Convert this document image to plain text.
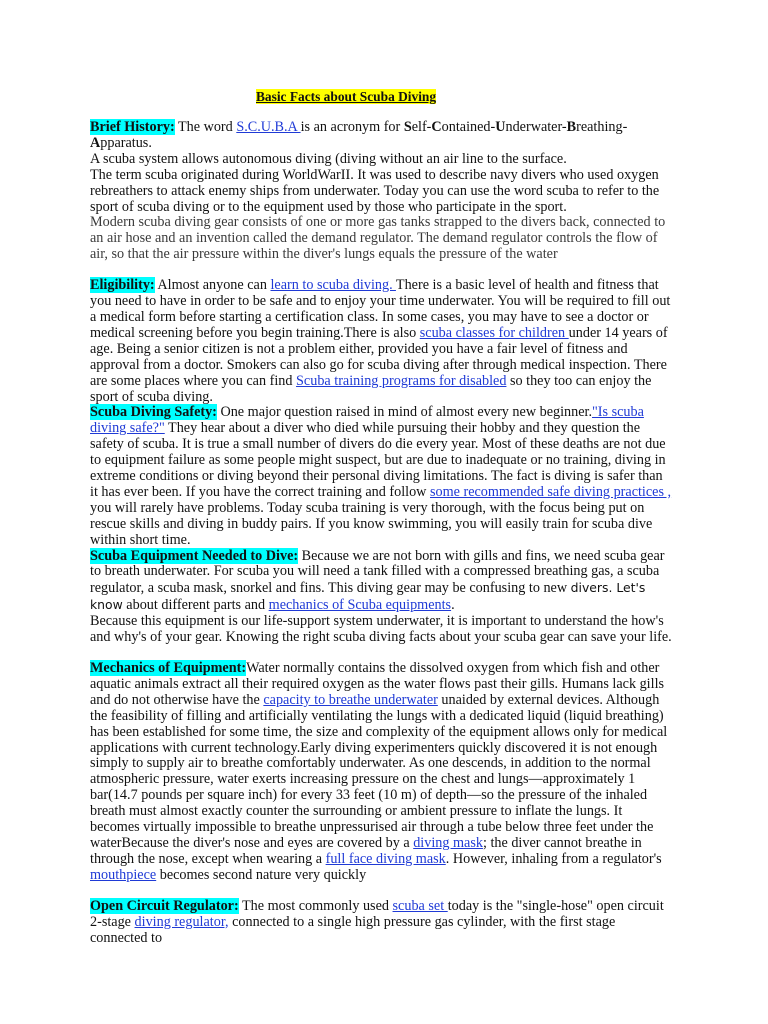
Basic Facts about Scuba Diving

Brief History: The word S.C.U.B.A is an acronym for Self-Contained-Underwater-Breathing-Apparatus.

A scuba system allows autonomous diving (diving without an air line to the surface.

The term scuba originated during WorldWarII. It was used to describe navy divers who used oxygen rebreathers to attack enemy ships from underwater. Today you can use the word scuba to refer to the sport of scuba diving or to the equipment used by those who participate in the sport.

Modern scuba diving gear consists of one or more gas tanks strapped to the divers back, connected to an air hose and an invention called the demand regulator. The demand regulator controls the flow of air, so that the air pressure within the diver's lungs equals the pressure of the water

Eligibility: Almost anyone can learn to scuba diving. There is a basic level of health and fitness that you need to have in order to be safe and to enjoy your time underwater. You will be required to fill out a medical form before starting a certification class. In some cases, you may have to see a doctor or medical screening before you begin training.There is also scuba classes for children under 14 years of age. Being a senior citizen is not a problem either, provided you have a fair level of fitness and approval from a doctor. Smokers can also go for scuba diving after through medical inspection. There are some places where you can find Scuba training programs for disabled so they too can enjoy the sport of scuba diving.

Scuba Diving Safety: One major question raised in mind of almost every new beginner."Is scuba diving safe?" They hear about a diver who died while pursuing their hobby and they question the safety of scuba. It is true a small number of divers do die every year. Most of these deaths are not due to equipment failure as some people might suspect, but are due to inadequate or no training, diving in extreme conditions or diving beyond their personal diving limitations. The fact is diving is safer than it has ever been. If you have the correct training and follow some recommended safe diving practices , you will rarely have problems. Today scuba training is very thorough, with the focus being put on rescue skills and diving in buddy pairs. If you know swimming, you will easily train for scuba dive within short time.

Scuba Equipment Needed to Dive: Because we are not born with gills and fins, we need scuba gear to breath underwater. For scuba you will need a tank filled with a compressed breathing gas, a scuba regulator, a scuba mask, snorkel and fins. This diving gear may be confusing to new divers. Let's know about different parts and mechanics of Scuba equipments.

Because this equipment is our life-support system underwater, it is important to understand the how's and why's of your gear. Knowing the right scuba diving facts about your scuba gear can save your life.

Mechanics of Equipment:Water normally contains the dissolved oxygen from which fish and other aquatic animals extract all their required oxygen as the water flows past their gills. Humans lack gills and do not otherwise have the capacity to breathe underwater unaided by external devices. Although the feasibility of filling and artificially ventilating the lungs with a dedicated liquid (liquid breathing) has been established for some time, the size and complexity of the equipment allows only for medical applications with current technology.Early diving experimenters quickly discovered it is not enough simply to supply air to breathe comfortably underwater. As one descends, in addition to the normal atmospheric pressure, water exerts increasing pressure on the chest and lungs—approximately 1 bar(14.7 pounds per square inch) for every 33 feet (10 m) of depth—so the pressure of the inhaled breath must almost exactly counter the surrounding or ambient pressure to inflate the lungs. It becomes virtually impossible to breathe unpressurised air through a tube below three feet under the waterBecause the diver's nose and eyes are covered by a diving mask; the diver cannot breathe in through the nose, except when wearing a full face diving mask. However, inhaling from a regulator's mouthpiece becomes second nature very quickly

Open Circuit Regulator: The most commonly used scuba set today is the "single-hose" open circuit 2-stage diving regulator, connected to a single high pressure gas cylinder, with the first stage connected to
